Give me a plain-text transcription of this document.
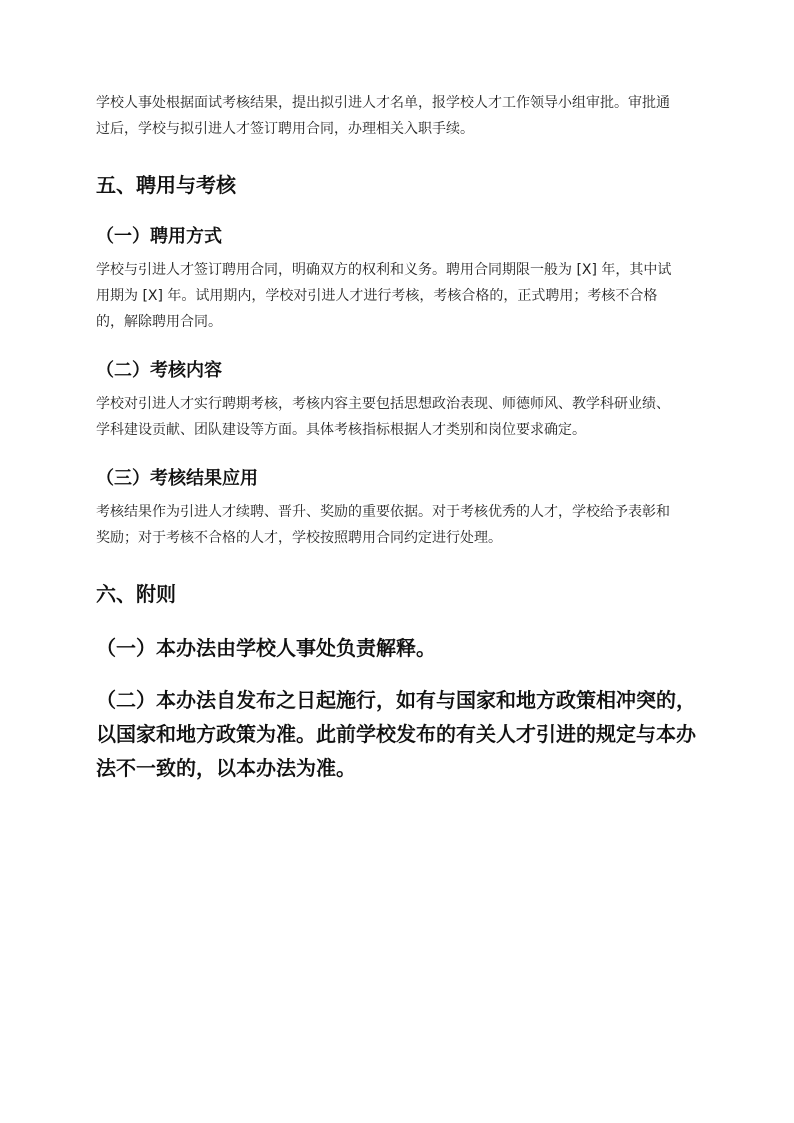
学校人事处根据面试考核结果，提出拟引进人才名单，报学校人才工作领导小组审批。审批通
过后，学校与拟引进人才签订聘用合同，办理相关入职手续。
五、聘用与考核
（一）聘用方式
学校与引进人才签订聘用合同，明确双方的权利和义务。聘用合同期限一般为 [X] 年，其中试
用期为 [X] 年。试用期内，学校对引进人才进行考核，考核合格的，正式聘用；考核不合格
的，解除聘用合同。
（二）考核内容
学校对引进人才实行聘期考核，考核内容主要包括思想政治表现、师德师风、教学科研业绩、
学科建设贡献、团队建设等方面。具体考核指标根据人才类别和岗位要求确定。
（三）考核结果应用
考核结果作为引进人才续聘、晋升、奖励的重要依据。对于考核优秀的人才，学校给予表彰和
奖励；对于考核不合格的人才，学校按照聘用合同约定进行处理。
六、附则
（一）本办法由学校人事处负责解释。
（二）本办法自发布之日起施行，如有与国家和地方政策相冲突的，
以国家和地方政策为准。此前学校发布的有关人才引进的规定与本办
法不一致的，以本办法为准。
